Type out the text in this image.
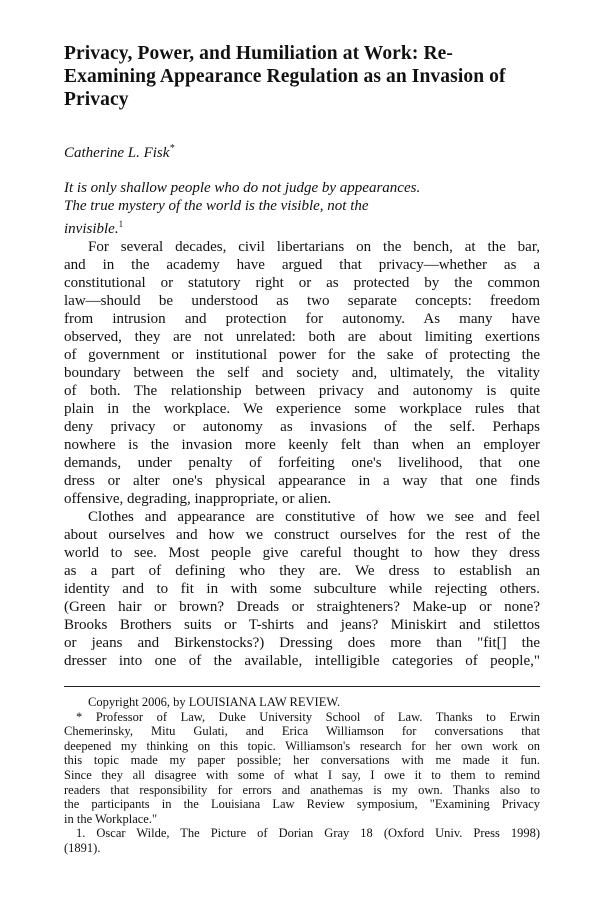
Privacy, Power, and Humiliation at Work: Re-
Examining Appearance Regulation as an Invasion of
Privacy
Catherine L. Fisk*
It is only shallow people who do not judge by appearances.
The true mystery of the world is the visible, not the
invisible.$^1$
For several decades, civil libertarians on the bench, at the bar,
and in the academy have argued that privacy—whether as a
constitutional or statutory right or as protected by the common
law—should be understood as two separate concepts: freedom
from intrusion and protection for autonomy. As many have
observed, they are not unrelated: both are about limiting exertions
of government or institutional power for the sake of protecting the
boundary between the self and society and, ultimately, the vitality
of both. The relationship between privacy and autonomy is quite
plain in the workplace. We experience some workplace rules that
deny privacy or autonomy as invasions of the self. Perhaps
nowhere is the invasion more keenly felt than when an employer
demands, under penalty of forfeiting one's livelihood, that one
dress or alter one's physical appearance in a way that one finds
offensive, degrading, inappropriate, or alien.
Clothes and appearance are constitutive of how we see and feel
about ourselves and how we construct ourselves for the rest of the
world to see. Most people give careful thought to how they dress
as a part of defining who they are. We dress to establish an
identity and to fit in with some subculture while rejecting others.
(Green hair or brown? Dreads or straighteners? Make-up or none?
Brooks Brothers suits or T-shirts and jeans? Miniskirt and stilettos
or jeans and Birkenstocks?) Dressing does more than "fit[] the
dresser into one of the available, intelligible categories of people,"
Copyright 2006, by LOUISIANA LAW REVIEW.
* Professor of Law, Duke University School of Law. Thanks to Erwin
Chemerinsky, Mitu Gulati, and Erica Williamson for conversations that
deepened my thinking on this topic. Williamson's research for her own work on
this topic made my paper possible; her conversations with me made it fun.
Since they all disagree with some of what I say, I owe it to them to remind
readers that responsibility for errors and anathemas is my own. Thanks also to
the participants in the Louisiana Law Review symposium, "Examining Privacy
in the Workplace."
1. Oscar Wilde, The Picture of Dorian Gray 18 (Oxford Univ. Press 1998)
(1891).
